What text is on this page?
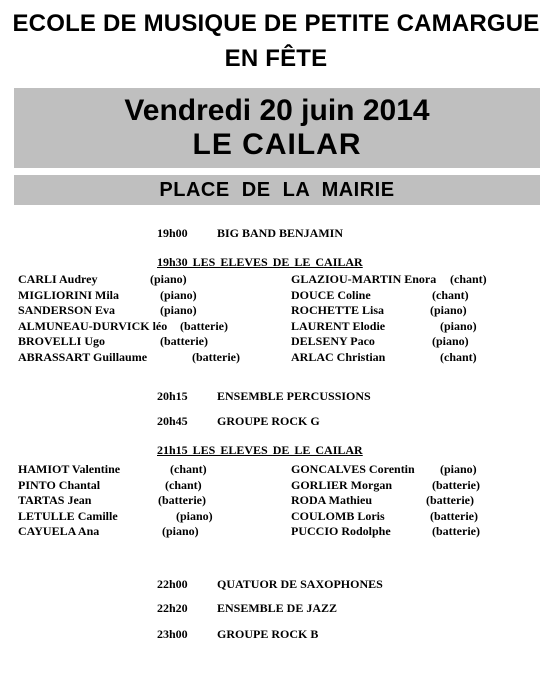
ECOLE DE MUSIQUE DE PETITE CAMARGUE
EN FÊTE
Vendredi 20 juin 2014
LE CAILAR
PLACE DE LA MAIRIE
19h00 BIG BAND BENJAMIN
19h30 LES ELEVES DE LE CAILAR
CARLI Audrey	(piano)	GLAZIOU-MARTIN Enora (chant)
MIGLIORINI Mila	(piano)	DOUCE Coline	(chant)
SANDERSON Eva	(piano)	ROCHETTE Lisa	(piano)
ALMUNEAU-DURVICK léo (batterie)	LAURENT Elodie	(piano)
BROVELLI Ugo	(batterie)	DELSENY Paco	(piano)
ABRASSART Guillaume	(batterie)	ARLAC Christian	(chant)
20h15 ENSEMBLE PERCUSSIONS
20h45 GROUPE ROCK G
21h15 LES ELEVES DE LE CAILAR
HAMIOT Valentine	(chant)	GONCALVES Corentin (piano)
PINTO Chantal	(chant)	GORLIER Morgan	(batterie)
TARTAS Jean	(batterie)	RODA Mathieu	(batterie)
LETULLE Camille	(piano)	COULOMB Loris	(batterie)
CAYUELA Ana	(piano)	PUCCIO Rodolphe	(batterie)
22h00 QUATUOR DE SAXOPHONES
22h20 ENSEMBLE DE JAZZ
23h00 GROUPE ROCK B
